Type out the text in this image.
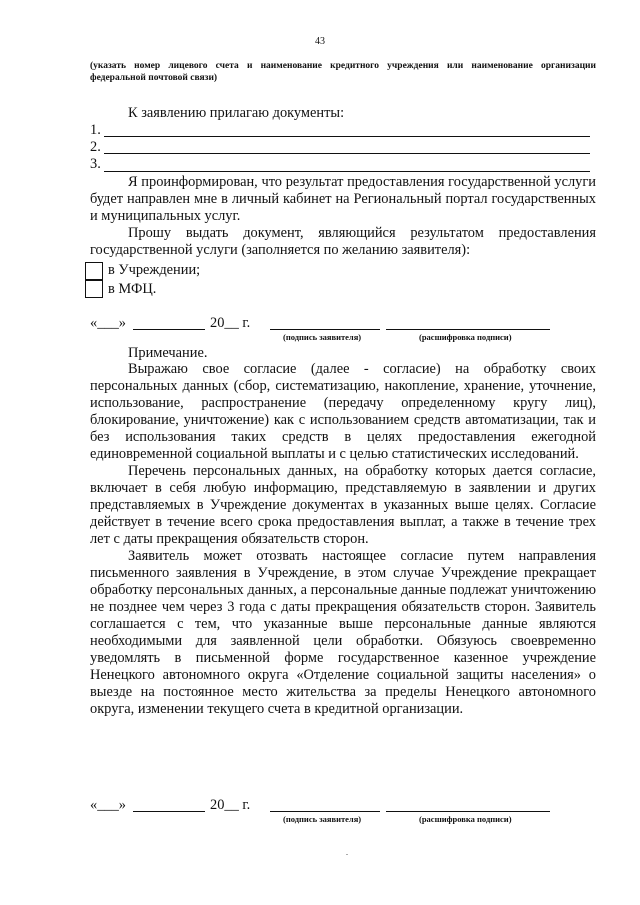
43
(указать номер лицевого счета и наименование кредитного учреждения или наименование организации федеральной почтовой связи)
К заявлению прилагаю документы:
1.
2.
3.

Я проинформирован, что результат предоставления государственной услуги будет направлен мне в личный кабинет на Региональный портал государственных и муниципальных услуг.

Прошу выдать документ, являющийся результатом предоставления государственной услуги (заполняется по желанию заявителя):

в Учреждении;
в МФЦ.
«___»	20__ г.
(подпись заявителя)	(расшифровка подписи)
Примечание.

Выражаю свое согласие (далее - согласие) на обработку своих персональных данных (сбор, систематизацию, накопление, хранение, уточнение, использование, распространение (передачу определенному кругу лиц), блокирование, уничтожение) как с использованием средств автоматизации, так и без использования таких средств в целях предоставления ежегодной единовременной социальной выплаты и с целью статистических исследований.

Перечень персональных данных, на обработку которых дается согласие, включает в себя любую информацию, представляемую в заявлении и других представляемых в Учреждение документах в указанных выше целях. Согласие действует в течение всего срока предоставления выплат, а также в течение трех лет с даты прекращения обязательств сторон.

Заявитель может отозвать настоящее согласие путем направления письменного заявления в Учреждение, в этом случае Учреждение прекращает обработку персональных данных, а персональные данные подлежат уничтожению не позднее чем через 3 года с даты прекращения обязательств сторон. Заявитель соглашается с тем, что указанные выше персональные данные являются необходимыми для заявленной цели обработки. Обязуюсь своевременно уведомлять в письменной форме государственное казенное учреждение Ненецкого автономного округа «Отделение социальной защиты населения» о выезде на постоянное место жительства за пределы Ненецкого автономного округа, изменении текущего счета в кредитной организации.

«___»	20__ г.
(подпись заявителя)	(расшифровка подписи)
